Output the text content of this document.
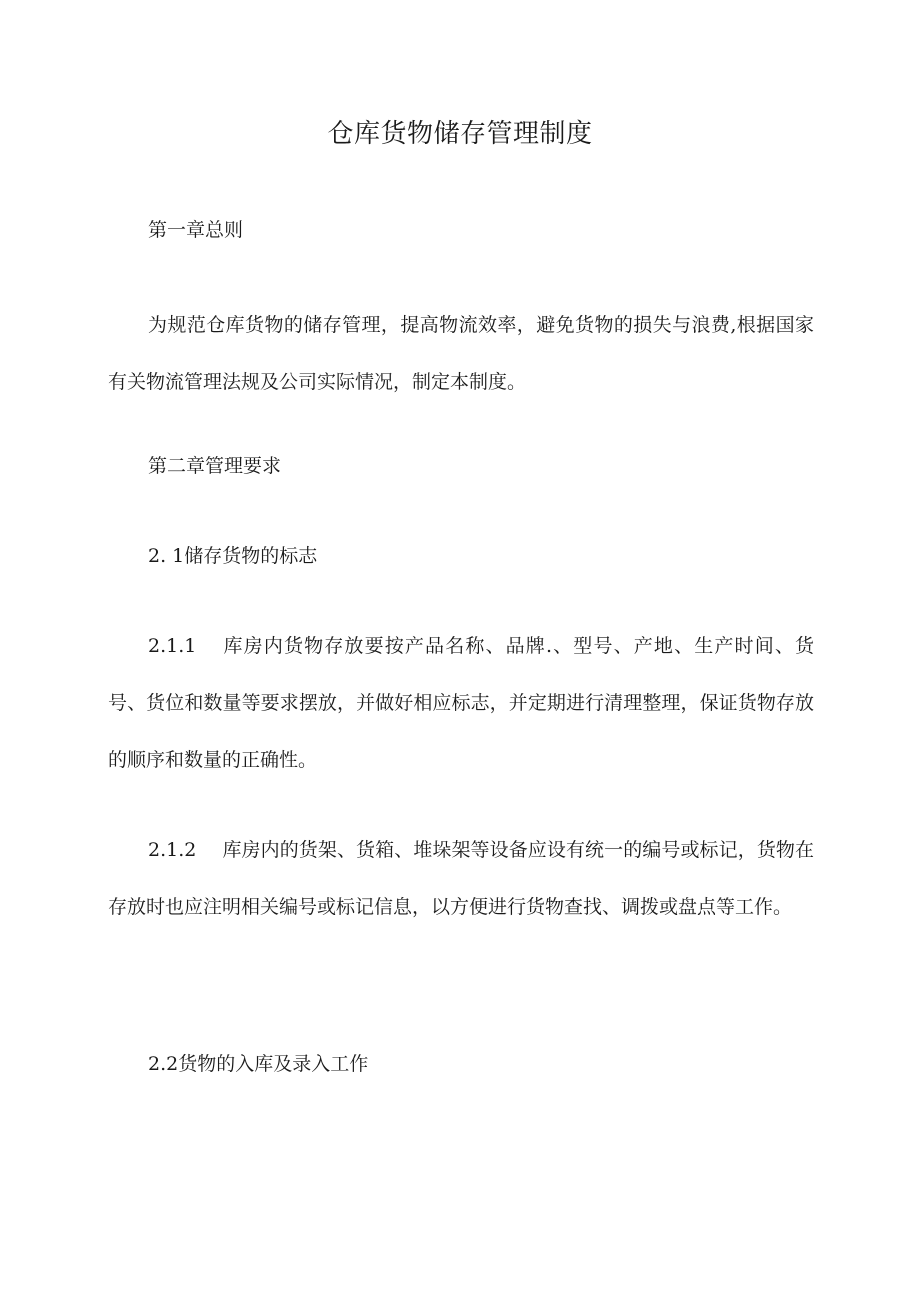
仓库货物储存管理制度
第一章总则
为规范仓库货物的储存管理，提高物流效率，避免货物的损失与浪费,根据国家有关物流管理法规及公司实际情况，制定本制度。
第二章管理要求
2. 1储存货物的标志
2.1.1 库房内货物存放要按产品名称、品牌.、型号、产地、生产时间、货号、货位和数量等要求摆放，并做好相应标志，并定期进行清理整理，保证货物存放的顺序和数量的正确性。
2.1.2 库房内的货架、货箱、堆垛架等设备应设有统一的编号或标记，货物在存放时也应注明相关编号或标记信息，以方便进行货物查找、调拨或盘点等工作。
2.2货物的入库及录入工作
